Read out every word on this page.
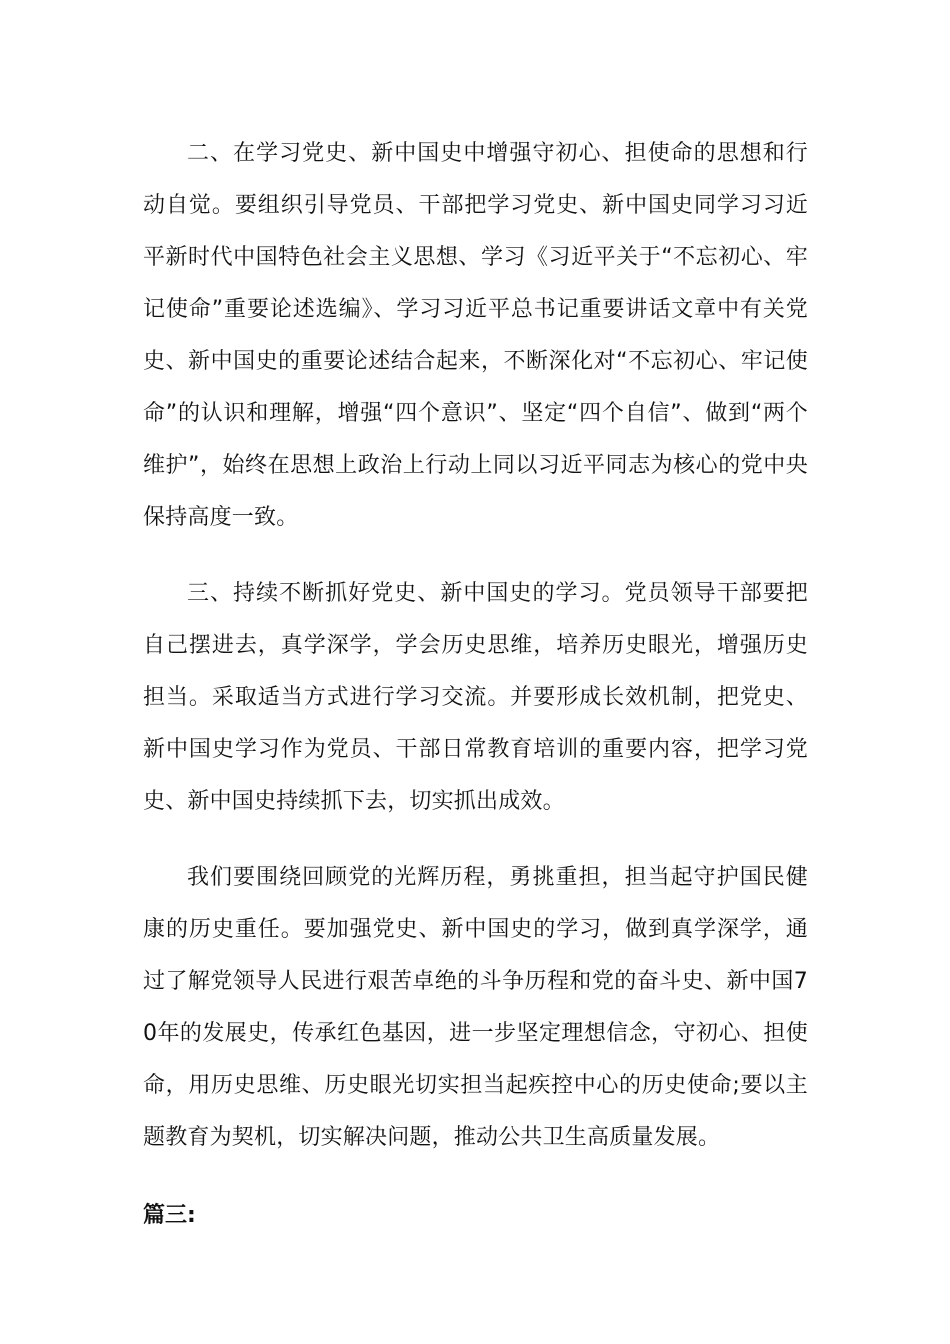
二、在学习党史、新中国史中增强守初心、担使命的思想和行动自觉。要组织引导党员、干部把学习党史、新中国史同学习习近平新时代中国特色社会主义思想、学习《习近平关于“不忘初心、牢记使命”重要论述选编》、学习习近平总书记重要讲话文章中有关党史、新中国史的重要论述结合起来，不断深化对“不忘初心、牢记使命”的认识和理解，增强“四个意识”、坚定“四个自信”、做到“两个维护”，始终在思想上政治上行动上同以习近平同志为核心的党中央保持高度一致。

三、持续不断抓好党史、新中国史的学习。党员领导干部要把自己摆进去，真学深学，学会历史思维，培养历史眼光，增强历史担当。采取适当方式进行学习交流。并要形成长效机制，把党史、新中国史学习作为党员、干部日常教育培训的重要内容，把学习党史、新中国史持续抓下去，切实抓出成效。

我们要围绕回顾党的光辉历程，勇挑重担，担当起守护国民健康的历史重任。要加强党史、新中国史的学习，做到真学深学，通过了解党领导人民进行艰苦卓绝的斗争历程和党的奋斗史、新中国70年的发展史，传承红色基因，进一步坚定理想信念，守初心、担使命，用历史思维、历史眼光切实担当起疾控中心的历史使命;要以主题教育为契机，切实解决问题，推动公共卫生高质量发展。

篇三:
